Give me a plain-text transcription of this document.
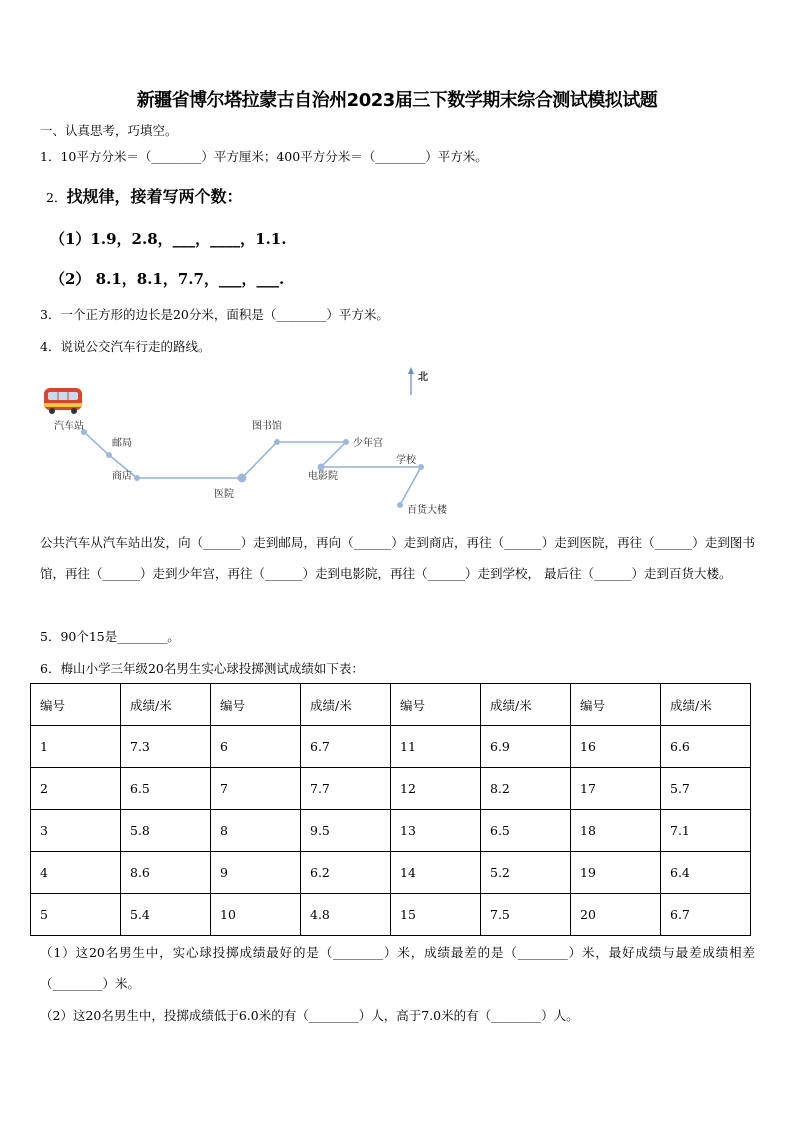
新疆省博尔塔拉蒙古自治州2023届三下数学期末综合测试模拟试题
一、认真思考，巧填空。
1．10平方分米＝（________）平方厘米；400平方分米＝（________）平方米。
2．找规律，接着写两个数：
（1）1.9，2.8，___，____，1.1.
（2） 8.1，8.1，7.7，___，___.
3．一个正方形的边长是20分米，面积是（________）平方米。
4．说说公交汽车行走的路线。
北
汽车站
邮局
商店
医院
图书馆
少年宫
电影院
学校
百货大楼
公共汽车从汽车站出发，向（______）走到邮局，再向（______）走到商店，再往（______）走到医院，再往（______）走到图书馆，再往（______）走到少年宫，再往（______）走到电影院，再往（______）走到学校， 最后往（______）走到百货大楼。
5．90个15是________。
6．梅山小学三年级20名男生实心球投掷测试成绩如下表：
编号	成绩/米	编号	成绩/米	编号	成绩/米	编号	成绩/米
1	7.3	6	6.7	11	6.9	16	6.6
2	6.5	7	7.7	12	8.2	17	5.7
3	5.8	8	9.5	13	6.5	18	7.1
4	8.6	9	6.2	14	5.2	19	6.4
5	5.4	10	4.8	15	7.5	20	6.7
（1）这20名男生中，实心球投掷成绩最好的是（________）米，成绩最差的是（________）米，最好成绩与最差成绩相差（________）米。
（2）这20名男生中，投掷成绩低于6.0米的有（________）人，高于7.0米的有（________）人。
